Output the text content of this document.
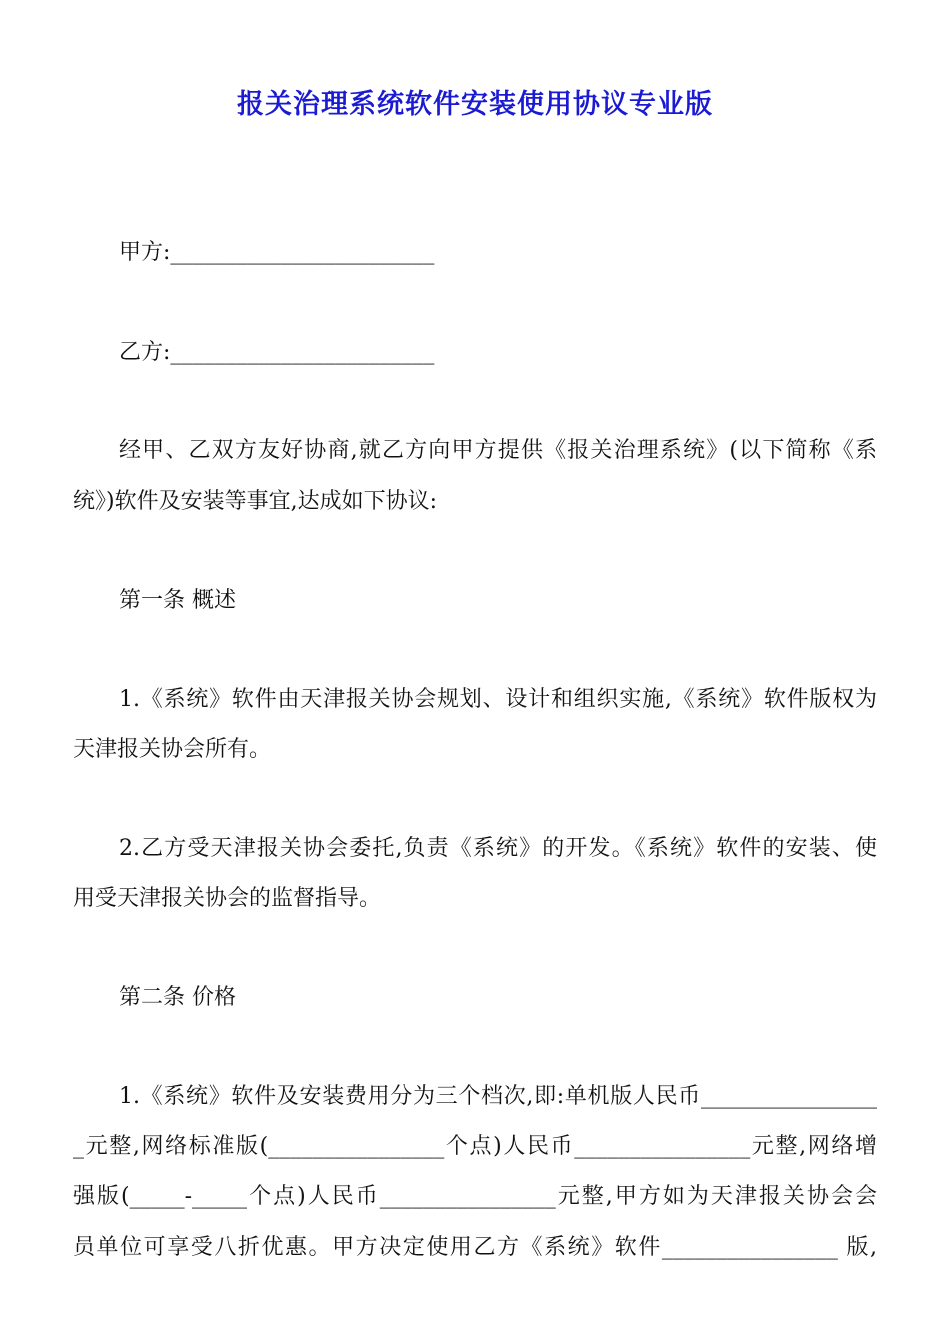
报关治理系统软件安装使用协议专业版
甲方:________________________
乙方:________________________
经甲、乙双方友好协商,就乙方向甲方提供《报关治理系统》(以下简称《系
统》)软件及安装等事宜,达成如下协议:
第一条 概述
1.《系统》软件由天津报关协会规划、设计和组织实施,《系统》软件版权为
天津报关协会所有。
2.乙方受天津报关协会委托,负责《系统》的开发。《系统》软件的安装、使
用受天津报关协会的监督指导。
第二条 价格
1.《系统》软件及安装费用分为三个档次,即:单机版人民币________________
_元整,网络标准版(________________个点)人民币________________元整,网络增
强版(_____-_____个点)人民币________________元整,甲方如为天津报关协会会
员单位可享受八折优惠。甲方决定使用乙方《系统》软件________________ 版,
